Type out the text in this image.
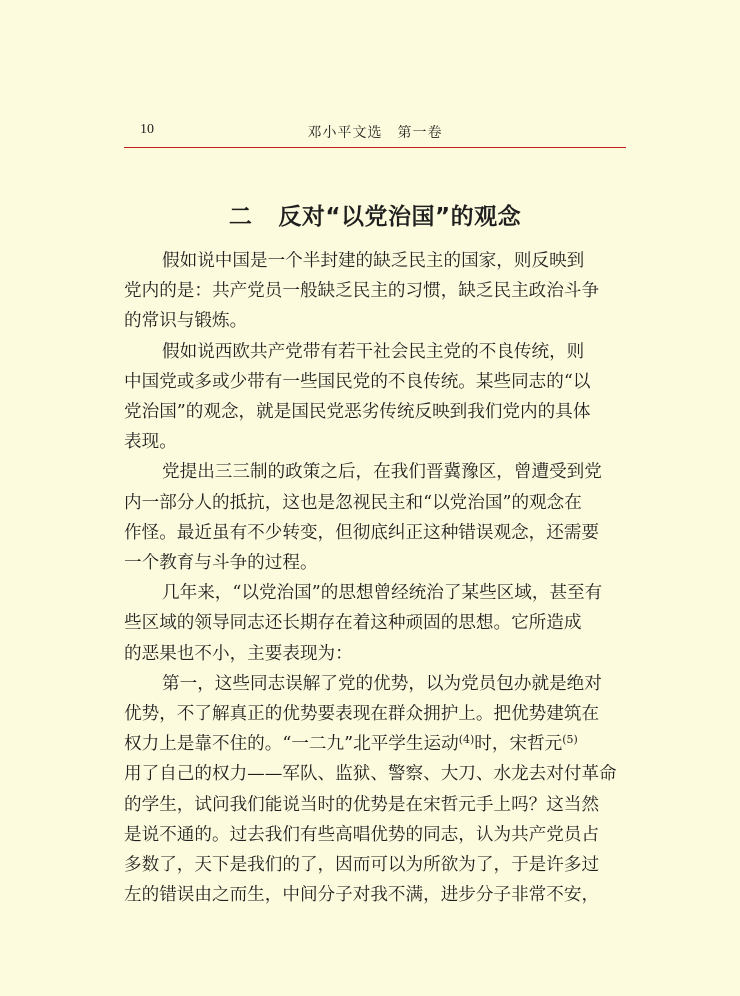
10	邓小平文选　第一卷
二 反对“以党治国”的观念
假如说中国是一个半封建的缺乏民主的国家，则反映到
党内的是：共产党员一般缺乏民主的习惯，缺乏民主政治斗争
的常识与锻炼。
假如说西欧共产党带有若干社会民主党的不良传统，则
中国党或多或少带有一些国民党的不良传统。某些同志的“以
党治国”的观念，就是国民党恶劣传统反映到我们党内的具体
表现。
党提出三三制的政策之后，在我们晋冀豫区，曾遭受到党
内一部分人的抵抗，这也是忽视民主和“以党治国”的观念在
作怪。最近虽有不少转变，但彻底纠正这种错误观念，还需要
一个教育与斗争的过程。
几年来，“以党治国”的思想曾经统治了某些区域，甚至有
些区域的领导同志还长期存在着这种顽固的思想。它所造成
的恶果也不小，主要表现为：
第一，这些同志误解了党的优势，以为党员包办就是绝对
优势，不了解真正的优势要表现在群众拥护上。把优势建筑在
权力上是靠不住的。“一二九”北平学生运动$^{(4)}$时，宋哲元$^{(5)}$
用了自己的权力——军队、监狱、警察、大刀、水龙去对付革命
的学生，试问我们能说当时的优势是在宋哲元手上吗？这当然
是说不通的。过去我们有些高唱优势的同志，认为共产党员占
多数了，天下是我们的了，因而可以为所欲为了，于是许多过
左的错误由之而生，中间分子对我不满，进步分子非常不安，
